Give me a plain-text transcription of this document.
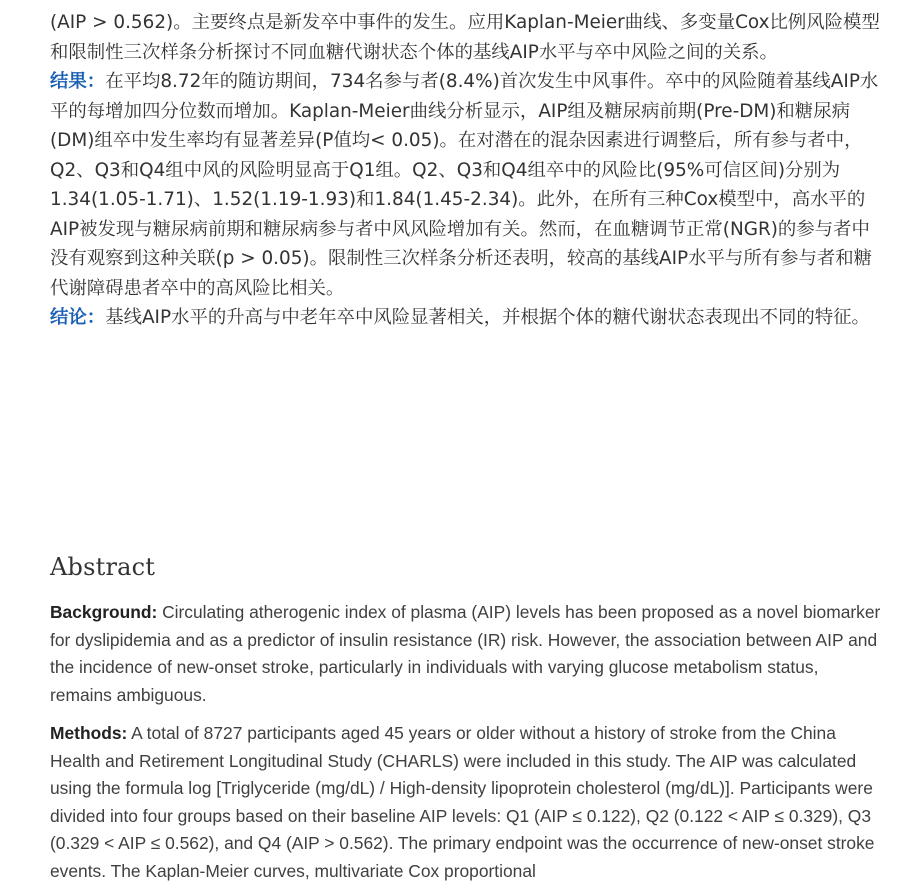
(AIP > 0.562)。主要终点是新发卒中事件的发生。应用Kaplan-Meier曲线、多变量Cox比例风险模型和限制性三次样条分析探讨不同血糖代谢状态个体的基线AIP水平与卒中风险之间的关系。

结果：在平均8.72年的随访期间，734名参与者(8.4%)首次发生中风事件。卒中的风险随着基线AIP水平的每增加四分位数而增加。Kaplan-Meier曲线分析显示，AIP组及糖尿病前期(Pre-DM)和糖尿病(DM)组卒中发生率均有显著差异(P值均< 0.05)。在对潜在的混杂因素进行调整后，所有参与者中，Q2、Q3和Q4组中风的风险明显高于Q1组。Q2、Q3和Q4组卒中的风险比(95%可信区间)分别为1.34(1.05-1.71)、1.52(1.19-1.93)和1.84(1.45-2.34)。此外，在所有三种Cox模型中，高水平的AIP被发现与糖尿病前期和糖尿病参与者中风风险增加有关。然而，在血糖调节正常(NGR)的参与者中没有观察到这种关联(p > 0.05)。限制性三次样条分析还表明，较高的基线AIP水平与所有参与者和糖代谢障碍患者卒中的高风险比相关。

结论：基线AIP水平的升高与中老年卒中风险显著相关，并根据个体的糖代谢状态表现出不同的特征。

Abstract

Background: Circulating atherogenic index of plasma (AIP) levels has been proposed as a novel biomarker for dyslipidemia and as a predictor of insulin resistance (IR) risk. However, the association between AIP and the incidence of new-onset stroke, particularly in individuals with varying glucose metabolism status, remains ambiguous.

Methods: A total of 8727 participants aged 45 years or older without a history of stroke from the China Health and Retirement Longitudinal Study (CHARLS) were included in this study. The AIP was calculated using the formula log [Triglyceride (mg/dL) / High-density lipoprotein cholesterol (mg/dL)]. Participants were divided into four groups based on their baseline AIP levels: Q1 (AIP ≤ 0.122), Q2 (0.122 < AIP ≤ 0.329), Q3 (0.329 < AIP ≤ 0.562), and Q4 (AIP > 0.562). The primary endpoint was the occurrence of new-onset stroke events. The Kaplan-Meier curves, multivariate Cox proportional
